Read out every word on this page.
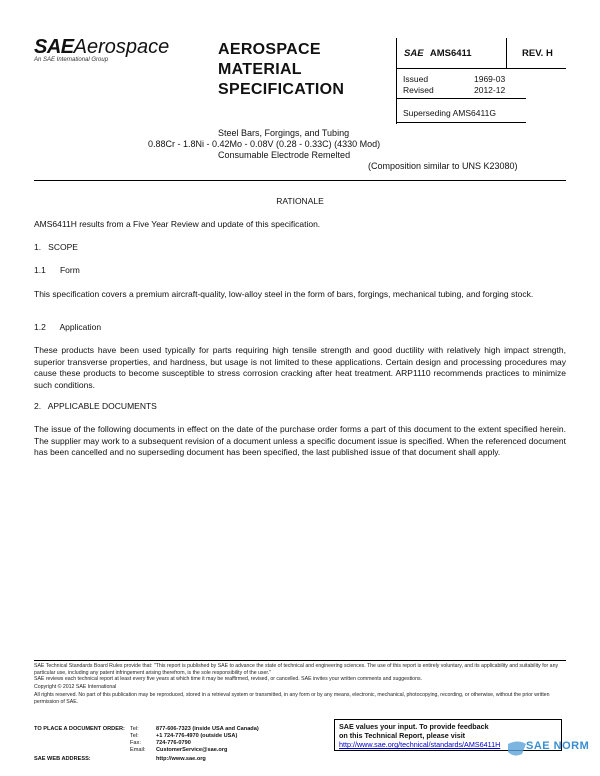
SAEAerospace
An SAE International Group
AEROSPACE
MATERIAL
SPECIFICATION
SAE AMS6411	REV. H
Issued	1969-03
Revised	2012-12
Superseding AMS6411G
Steel Bars, Forgings, and Tubing
0.88Cr - 1.8Ni - 0.42Mo - 0.08V (0.28 - 0.33C) (4330 Mod)
Consumable Electrode Remelted
(Composition similar to UNS K23080)
RATIONALE
AMS6411H results from a Five Year Review and update of this specification.
1.   SCOPE
1.1      Form
This specification covers a premium aircraft-quality, low-alloy steel in the form of bars, forgings, mechanical tubing, and forging stock.
1.2      Application
These products have been used typically for parts requiring high tensile strength and good ductility with relatively high impact strength, superior transverse properties, and hardness, but usage is not limited to these applications. Certain design and processing procedures may cause these products to become susceptible to stress corrosion cracking after heat treatment. ARP1110 recommends practices to minimize such conditions.
2.   APPLICABLE DOCUMENTS
The issue of the following documents in effect on the date of the purchase order forms a part of this document to the extent specified herein. The supplier may work to a subsequent revision of a document unless a specific document issue is specified. When the referenced document has been cancelled and no superseding document has been specified, the last published issue of that document shall apply.
SAE Technical Standards Board Rules provide that: "This report is published by SAE to advance the state of technical and engineering sciences. The use of this report is entirely voluntary, and its applicability and suitability for any particular use, including any patent infringement arising therefrom, is the sole responsibility of the user."
SAE reviews each technical report at least every five years at which time it may be reaffirmed, revised, or cancelled. SAE invites your written comments and suggestions.
Copyright © 2012 SAE International
All rights reserved. No part of this publication may be reproduced, stored in a retrieval system or transmitted, in any form or by any means, electronic, mechanical, photocopying, recording, or otherwise, without the prior written permission of SAE.
TO PLACE A DOCUMENT ORDER: Tel:	877-606-7323 (inside USA and Canada)
Tel:	+1 724-776-4970 (outside USA)
Fax:	724-776-0790
Email:	CustomerService@sae.org
SAE WEB ADDRESS:	http://www.sae.org
SAE values your input. To provide feedback
on this Technical Report, please visit
http://www.sae.org/technical/standards/AMS6411H	SAE NORM
